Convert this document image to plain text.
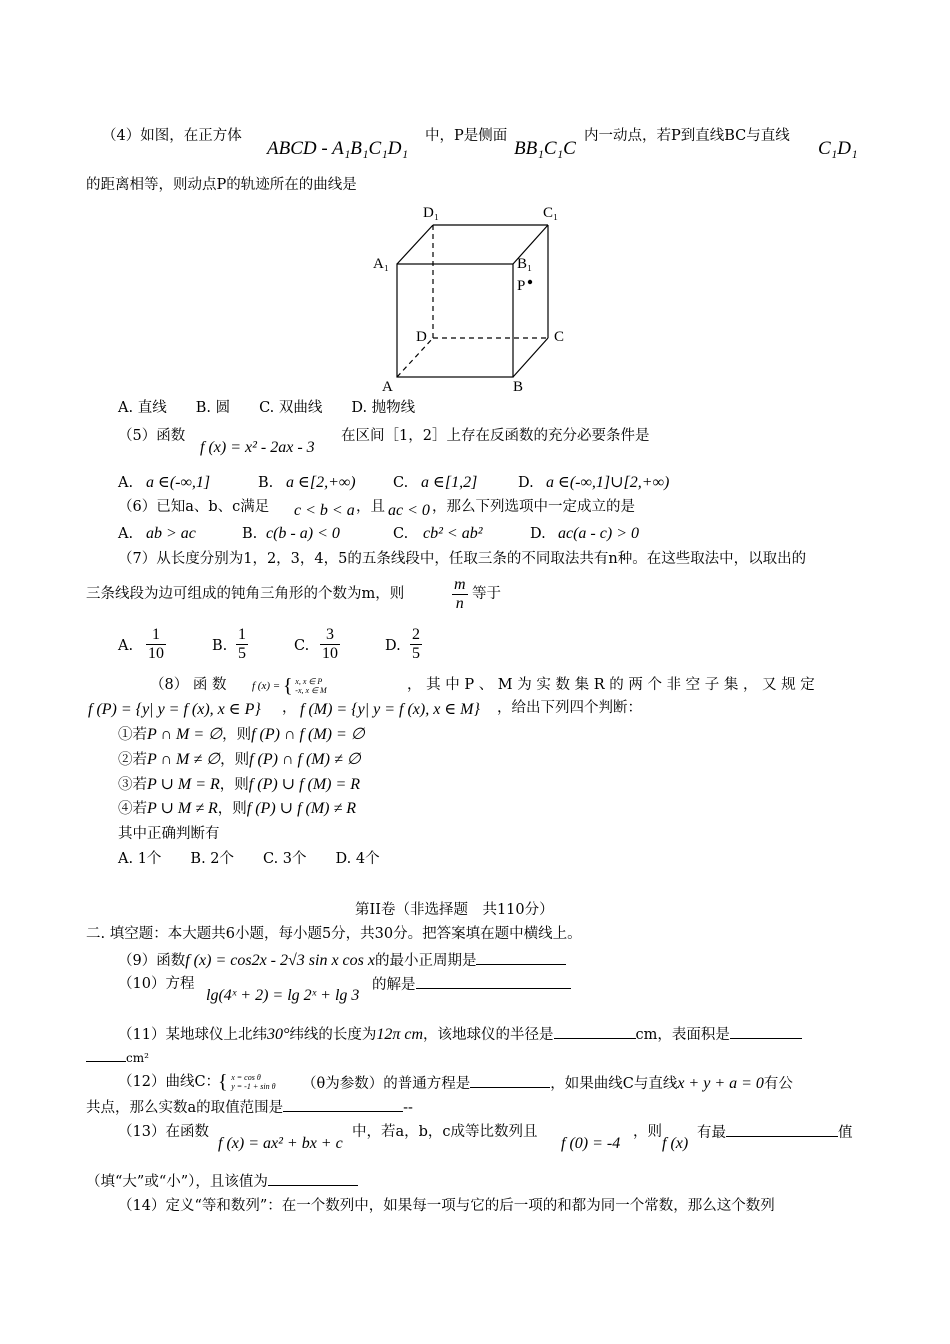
（4）如图，在正方体
ABCD - A₁B₁C₁D₁
中，P是侧面
BB₁C₁C
内一动点，若P到直线BC与直线
C₁D₁
的距离相等，则动点P的轨迹所在的曲线是
D₁	C₁
A₁	B₁
P
D	C
A	B
A. 直线　　B. 圆　　C. 双曲线　　D. 抛物线
（5）函数
f (x) = x² - 2ax - 3
在区间［1，2］上存在反函数的充分必要条件是
A. a ∈(-∞,1]	B. a ∈[2,+∞)	C. a ∈[1,2]	D. a ∈(-∞,1]∪[2,+∞)
（6）已知a、b、c满足 c < b < a ，且 ac < 0 ，那么下列选项中一定成立的是
A. ab > ac	B. c(b - a) < 0	C. cb² < ab²	D. ac(a - c) > 0
（7）从长度分别为1，2，3，4，5的五条线段中，任取三条的不同取法共有n种。在这些取法中，以取出的
三条线段为边可组成的钝角三角形的个数为m，则	$\frac{m}{n}$ 等于
A. $\frac{1}{10}$	B. $\frac{1}{5}$	C. $\frac{3}{10}$	D. $\frac{2}{5}$
（8） 函 数 f (x) = { x, x ∈ P
-x, x ∈ M	， 其 中 P 、 M 为 实 数 集 R 的 两 个 非 空 子 集 ， 又 规 定
f (P) = {y| y = f (x), x ∈ P} ， f (M) = {y| y = f (x), x ∈ M} ，给出下列四个判断：
①若P ∩ M = ∅，则f (P) ∩ f (M) = ∅
②若P ∩ M ≠ ∅，则f (P) ∩ f (M) ≠ ∅
③若P ∪ M = R，则f (P) ∪ f (M) = R
④若P ∪ M ≠ R，则f (P) ∪ f (M) ≠ R
其中正确判断有
A. 1个　　B. 2个　　C. 3个　　D. 4个
第II卷（非选择题　共110分）
二. 填空题：本大题共6小题，每小题5分，共30分。把答案填在题中横线上。
（9）函数f (x) = cos2x - 2√3 sin x cos x的最小正周期是
（10）方程
lg(4ˣ + 2) = lg 2ˣ + lg 3
的解是
（11）某地球仪上北纬30°纬线的长度为12π cm，该地球仪的半径是	cm，表面积是
cm²
（12）曲线C：
{ x = cos θ
y = -1 + sin θ （θ为参数）的普通方程是	，如果曲线C与直线x + y + a = 0有公
共点，那么实数a的取值范围是	--
（13）在函数
f (x) = ax² + bx + c
中，若a，b，c成等比数列且
f (0) = -4
，则
f (x)
有最	值
（填“大”或“小”），且该值为
（14）定义“等和数列”：在一个数列中，如果每一项与它的后一项的和都为同一个常数，那么这个数列
